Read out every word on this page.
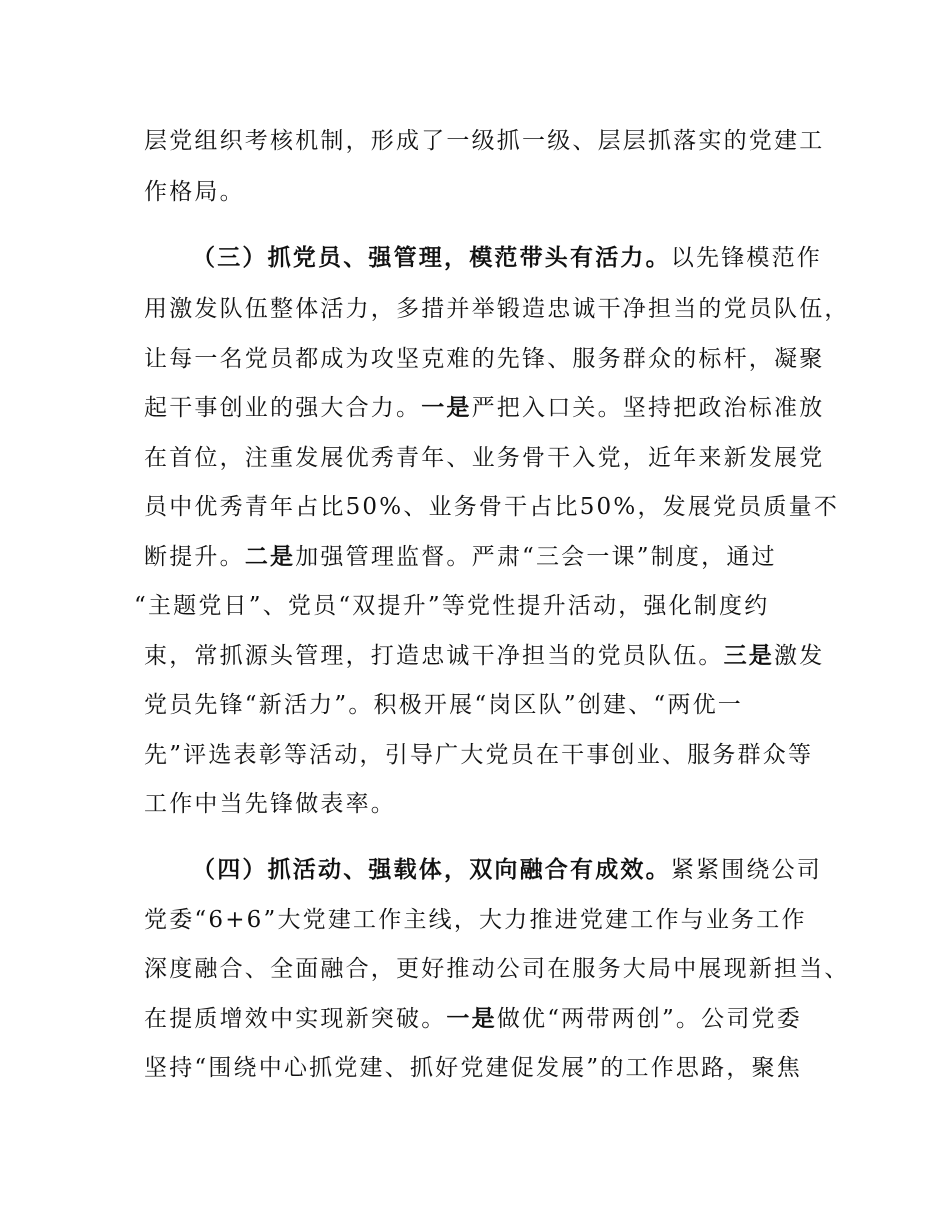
层党组织考核机制，形成了一级抓一级、层层抓落实的党建工
作格局。
（三）抓党员、强管理，模范带头有活力。以先锋模范作
用激发队伍整体活力，多措并举锻造忠诚干净担当的党员队伍，
让每一名党员都成为攻坚克难的先锋、服务群众的标杆，凝聚
起干事创业的强大合力。一是严把入口关。坚持把政治标准放
在首位，注重发展优秀青年、业务骨干入党，近年来新发展党
员中优秀青年占比50%、业务骨干占比50%，发展党员质量不
断提升。二是加强管理监督。严肃“三会一课”制度，通过
“主题党日”、党员“双提升”等党性提升活动，强化制度约
束，常抓源头管理，打造忠诚干净担当的党员队伍。三是激发
党员先锋“新活力”。积极开展“岗区队”创建、“两优一
先”评选表彰等活动，引导广大党员在干事创业、服务群众等
工作中当先锋做表率。
（四）抓活动、强载体，双向融合有成效。紧紧围绕公司
党委“6+6”大党建工作主线，大力推进党建工作与业务工作
深度融合、全面融合，更好推动公司在服务大局中展现新担当、
在提质增效中实现新突破。一是做优“两带两创”。公司党委
坚持“围绕中心抓党建、抓好党建促发展”的工作思路，聚焦
